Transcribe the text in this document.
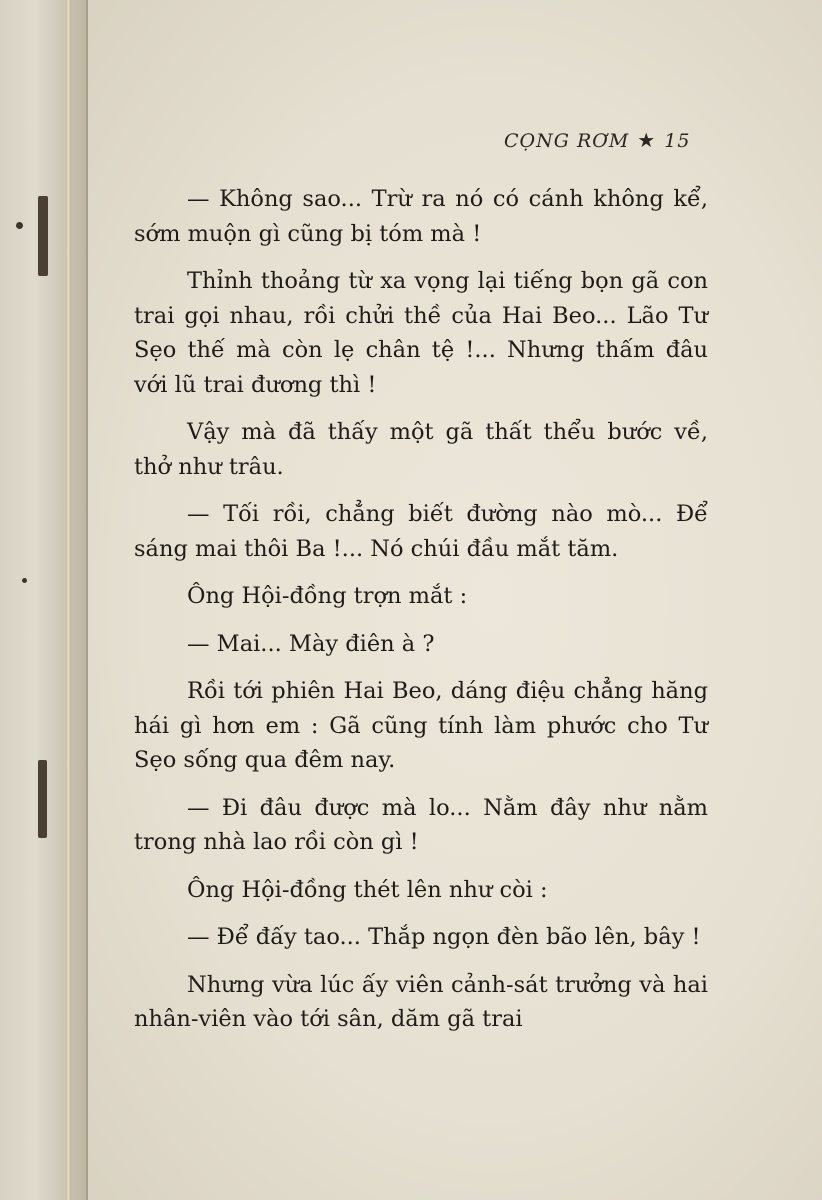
CỌNG RƠM ★ 15

— Không sao... Trừ ra nó có cánh không kể, sớm muộn gì cũng bị tóm mà !

Thỉnh thoảng từ xa vọng lại tiếng bọn gã con trai gọi nhau, rồi chửi thề của Hai Beo... Lão Tư Sẹo thế mà còn lẹ chân tệ !... Nhưng thấm đâu với lũ trai đương thì !

Vậy mà đã thấy một gã thất thểu bước về, thở như trâu.

— Tối rồi, chẳng biết đường nào mò... Để sáng mai thôi Ba !... Nó chúi đầu mắt tăm.

Ông Hội-đồng trợn mắt :

— Mai... Mày điên à ?

Rồi tới phiên Hai Beo, dáng điệu chẳng hăng hái gì hơn em : Gã cũng tính làm phước cho Tư Sẹo sống qua đêm nay.

— Đi đâu được mà lo... Nằm đây như nằm trong nhà lao rồi còn gì !

Ông Hội-đồng thét lên như còi :

— Để đấy tao... Thắp ngọn đèn bão lên, bây !

Nhưng vừa lúc ấy viên cảnh-sát trưởng và hai nhân-viên vào tới sân, dăm gã trai
